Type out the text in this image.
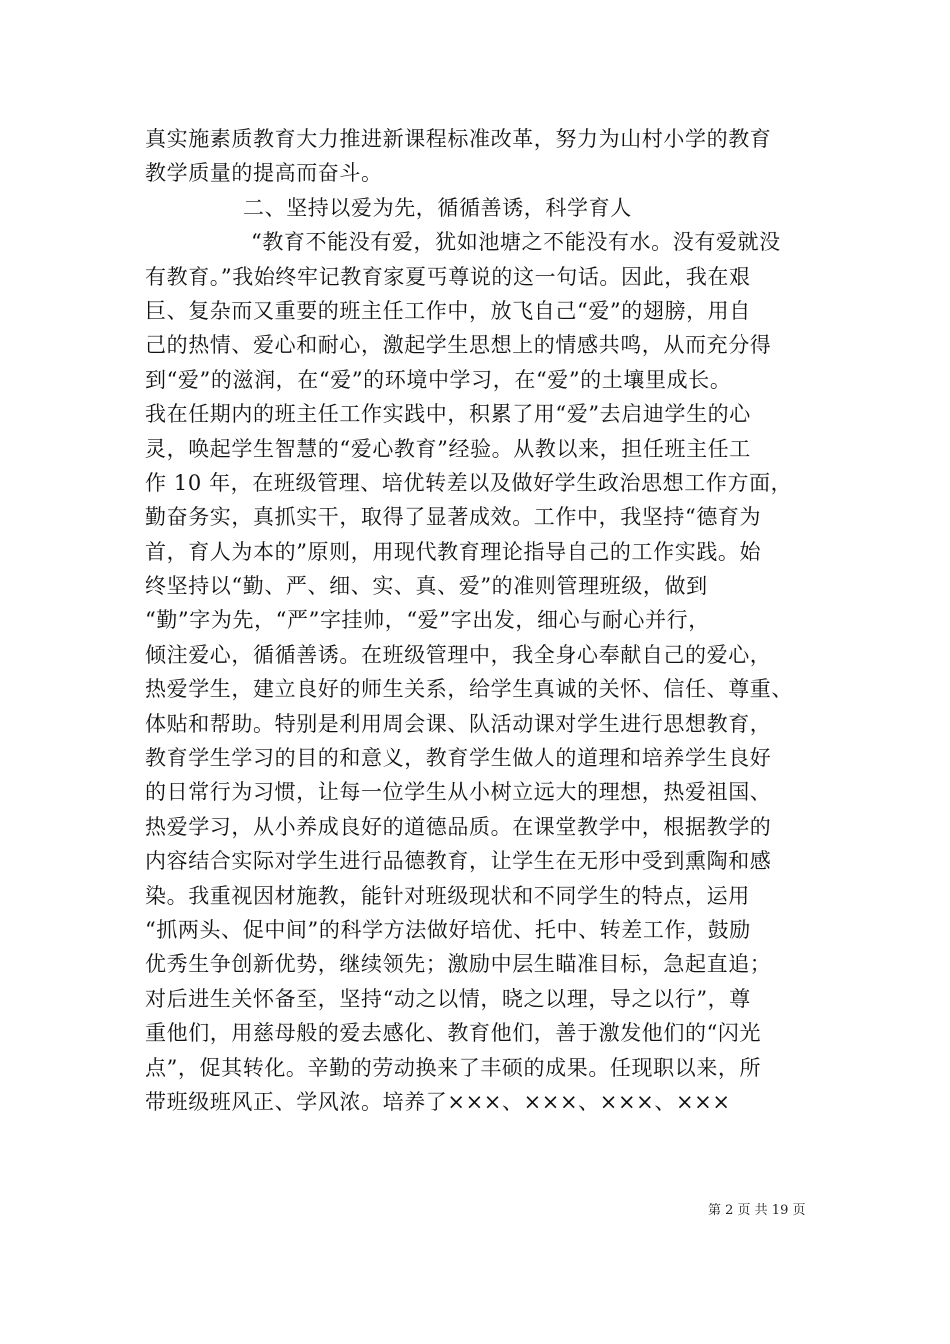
真实施素质教育大力推进新课程标准改革，努力为山村小学的教育
教学质量的提高而奋斗。
二、坚持以爱为先，循循善诱，科学育人
“教育不能没有爱，犹如池塘之不能没有水。没有爱就没
有教育。”我始终牢记教育家夏丐尊说的这一句话。因此，我在艰
巨、复杂而又重要的班主任工作中，放飞自己“爱”的翅膀，用自
己的热情、爱心和耐心，激起学生思想上的情感共鸣，从而充分得
到“爱”的滋润，在“爱”的环境中学习，在“爱”的土壤里成长。
我在任期内的班主任工作实践中，积累了用“爱”去启迪学生的心
灵，唤起学生智慧的“爱心教育”经验。从教以来，担任班主任工
作 10 年，在班级管理、培优转差以及做好学生政治思想工作方面，
勤奋务实，真抓实干，取得了显著成效。工作中，我坚持“德育为
首，育人为本的”原则，用现代教育理论指导自己的工作实践。始
终坚持以“勤、严、细、实、真、爱”的准则管理班级，做到
“勤”字为先，“严”字挂帅，“爱”字出发，细心与耐心并行，
倾注爱心，循循善诱。在班级管理中，我全身心奉献自己的爱心，
热爱学生，建立良好的师生关系，给学生真诚的关怀、信任、尊重、
体贴和帮助。特别是利用周会课、队活动课对学生进行思想教育，
教育学生学习的目的和意义，教育学生做人的道理和培养学生良好
的日常行为习惯，让每一位学生从小树立远大的理想，热爱祖国、
热爱学习，从小养成良好的道德品质。在课堂教学中，根据教学的
内容结合实际对学生进行品德教育，让学生在无形中受到熏陶和感
染。我重视因材施教，能针对班级现状和不同学生的特点，运用
“抓两头、促中间”的科学方法做好培优、托中、转差工作，鼓励
优秀生争创新优势，继续领先；激励中层生瞄准目标，急起直追；
对后进生关怀备至，坚持“动之以情，晓之以理，导之以行”，尊
重他们，用慈母般的爱去感化、教育他们，善于激发他们的“闪光
点”，促其转化。辛勤的劳动换来了丰硕的成果。任现职以来，所
带班级班风正、学风浓。培养了×××、×××、×××、×××
第 2 页 共 19 页
